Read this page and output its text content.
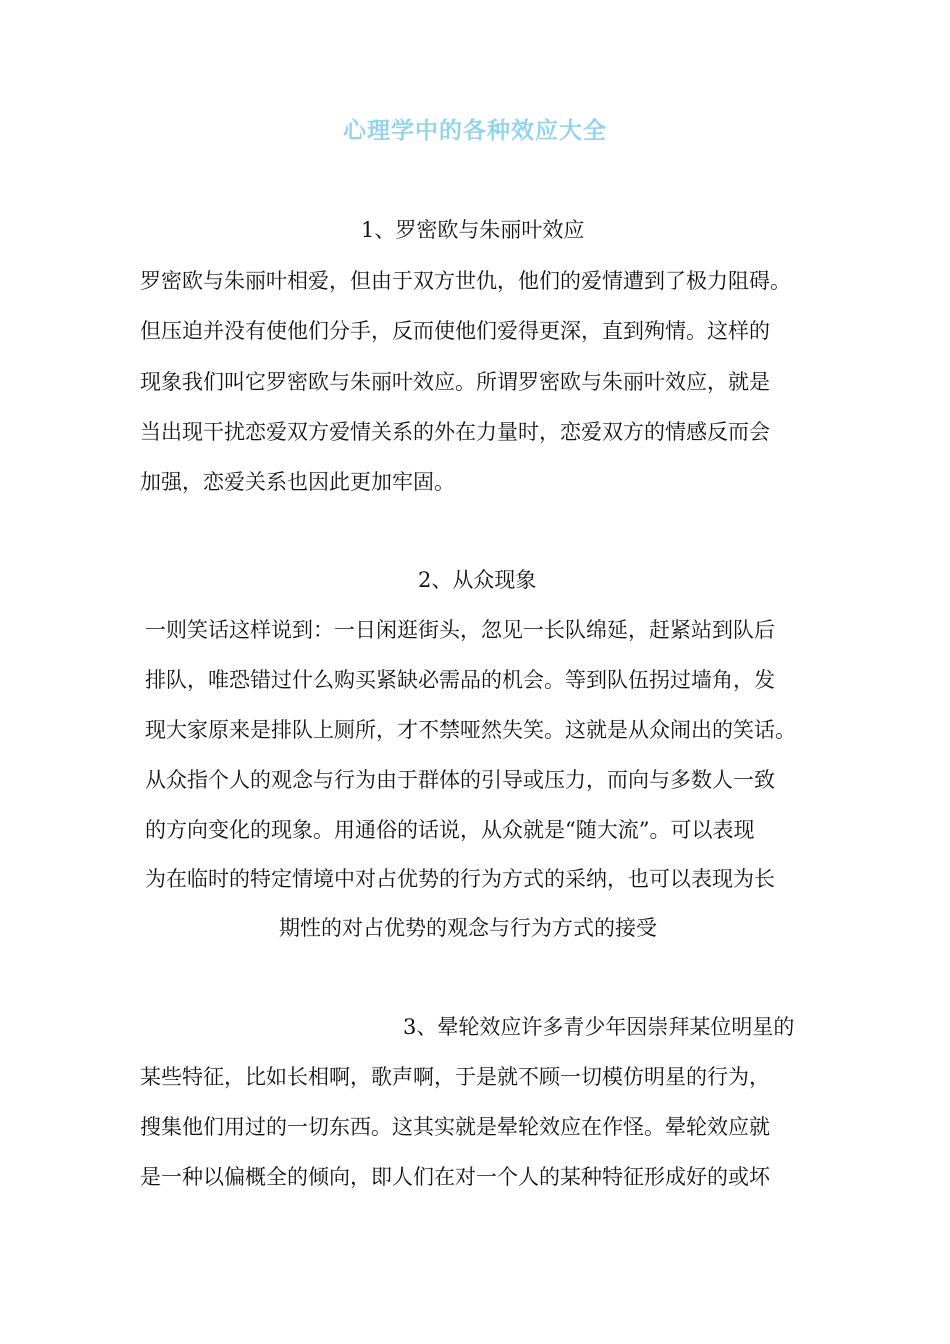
心理学中的各种效应大全
1、罗密欧与朱丽叶效应
罗密欧与朱丽叶相爱，但由于双方世仇，他们的爱情遭到了极力阻碍。
但压迫并没有使他们分手，反而使他们爱得更深，直到殉情。这样的
现象我们叫它罗密欧与朱丽叶效应。所谓罗密欧与朱丽叶效应，就是
当出现干扰恋爱双方爱情关系的外在力量时，恋爱双方的情感反而会
加强，恋爱关系也因此更加牢固。
2、从众现象
一则笑话这样说到：一日闲逛街头，忽见一长队绵延，赶紧站到队后
排队，唯恐错过什么购买紧缺必需品的机会。等到队伍拐过墙角，发
现大家原来是排队上厕所，才不禁哑然失笑。这就是从众闹出的笑话。
从众指个人的观念与行为由于群体的引导或压力，而向与多数人一致
的方向变化的现象。用通俗的话说，从众就是“随大流”。可以表现
为在临时的特定情境中对占优势的行为方式的采纳，也可以表现为长
期性的对占优势的观念与行为方式的接受
3、晕轮效应许多青少年因崇拜某位明星的
某些特征，比如长相啊，歌声啊，于是就不顾一切模仿明星的行为，
搜集他们用过的一切东西。这其实就是晕轮效应在作怪。晕轮效应就
是一种以偏概全的倾向，即人们在对一个人的某种特征形成好的或坏
